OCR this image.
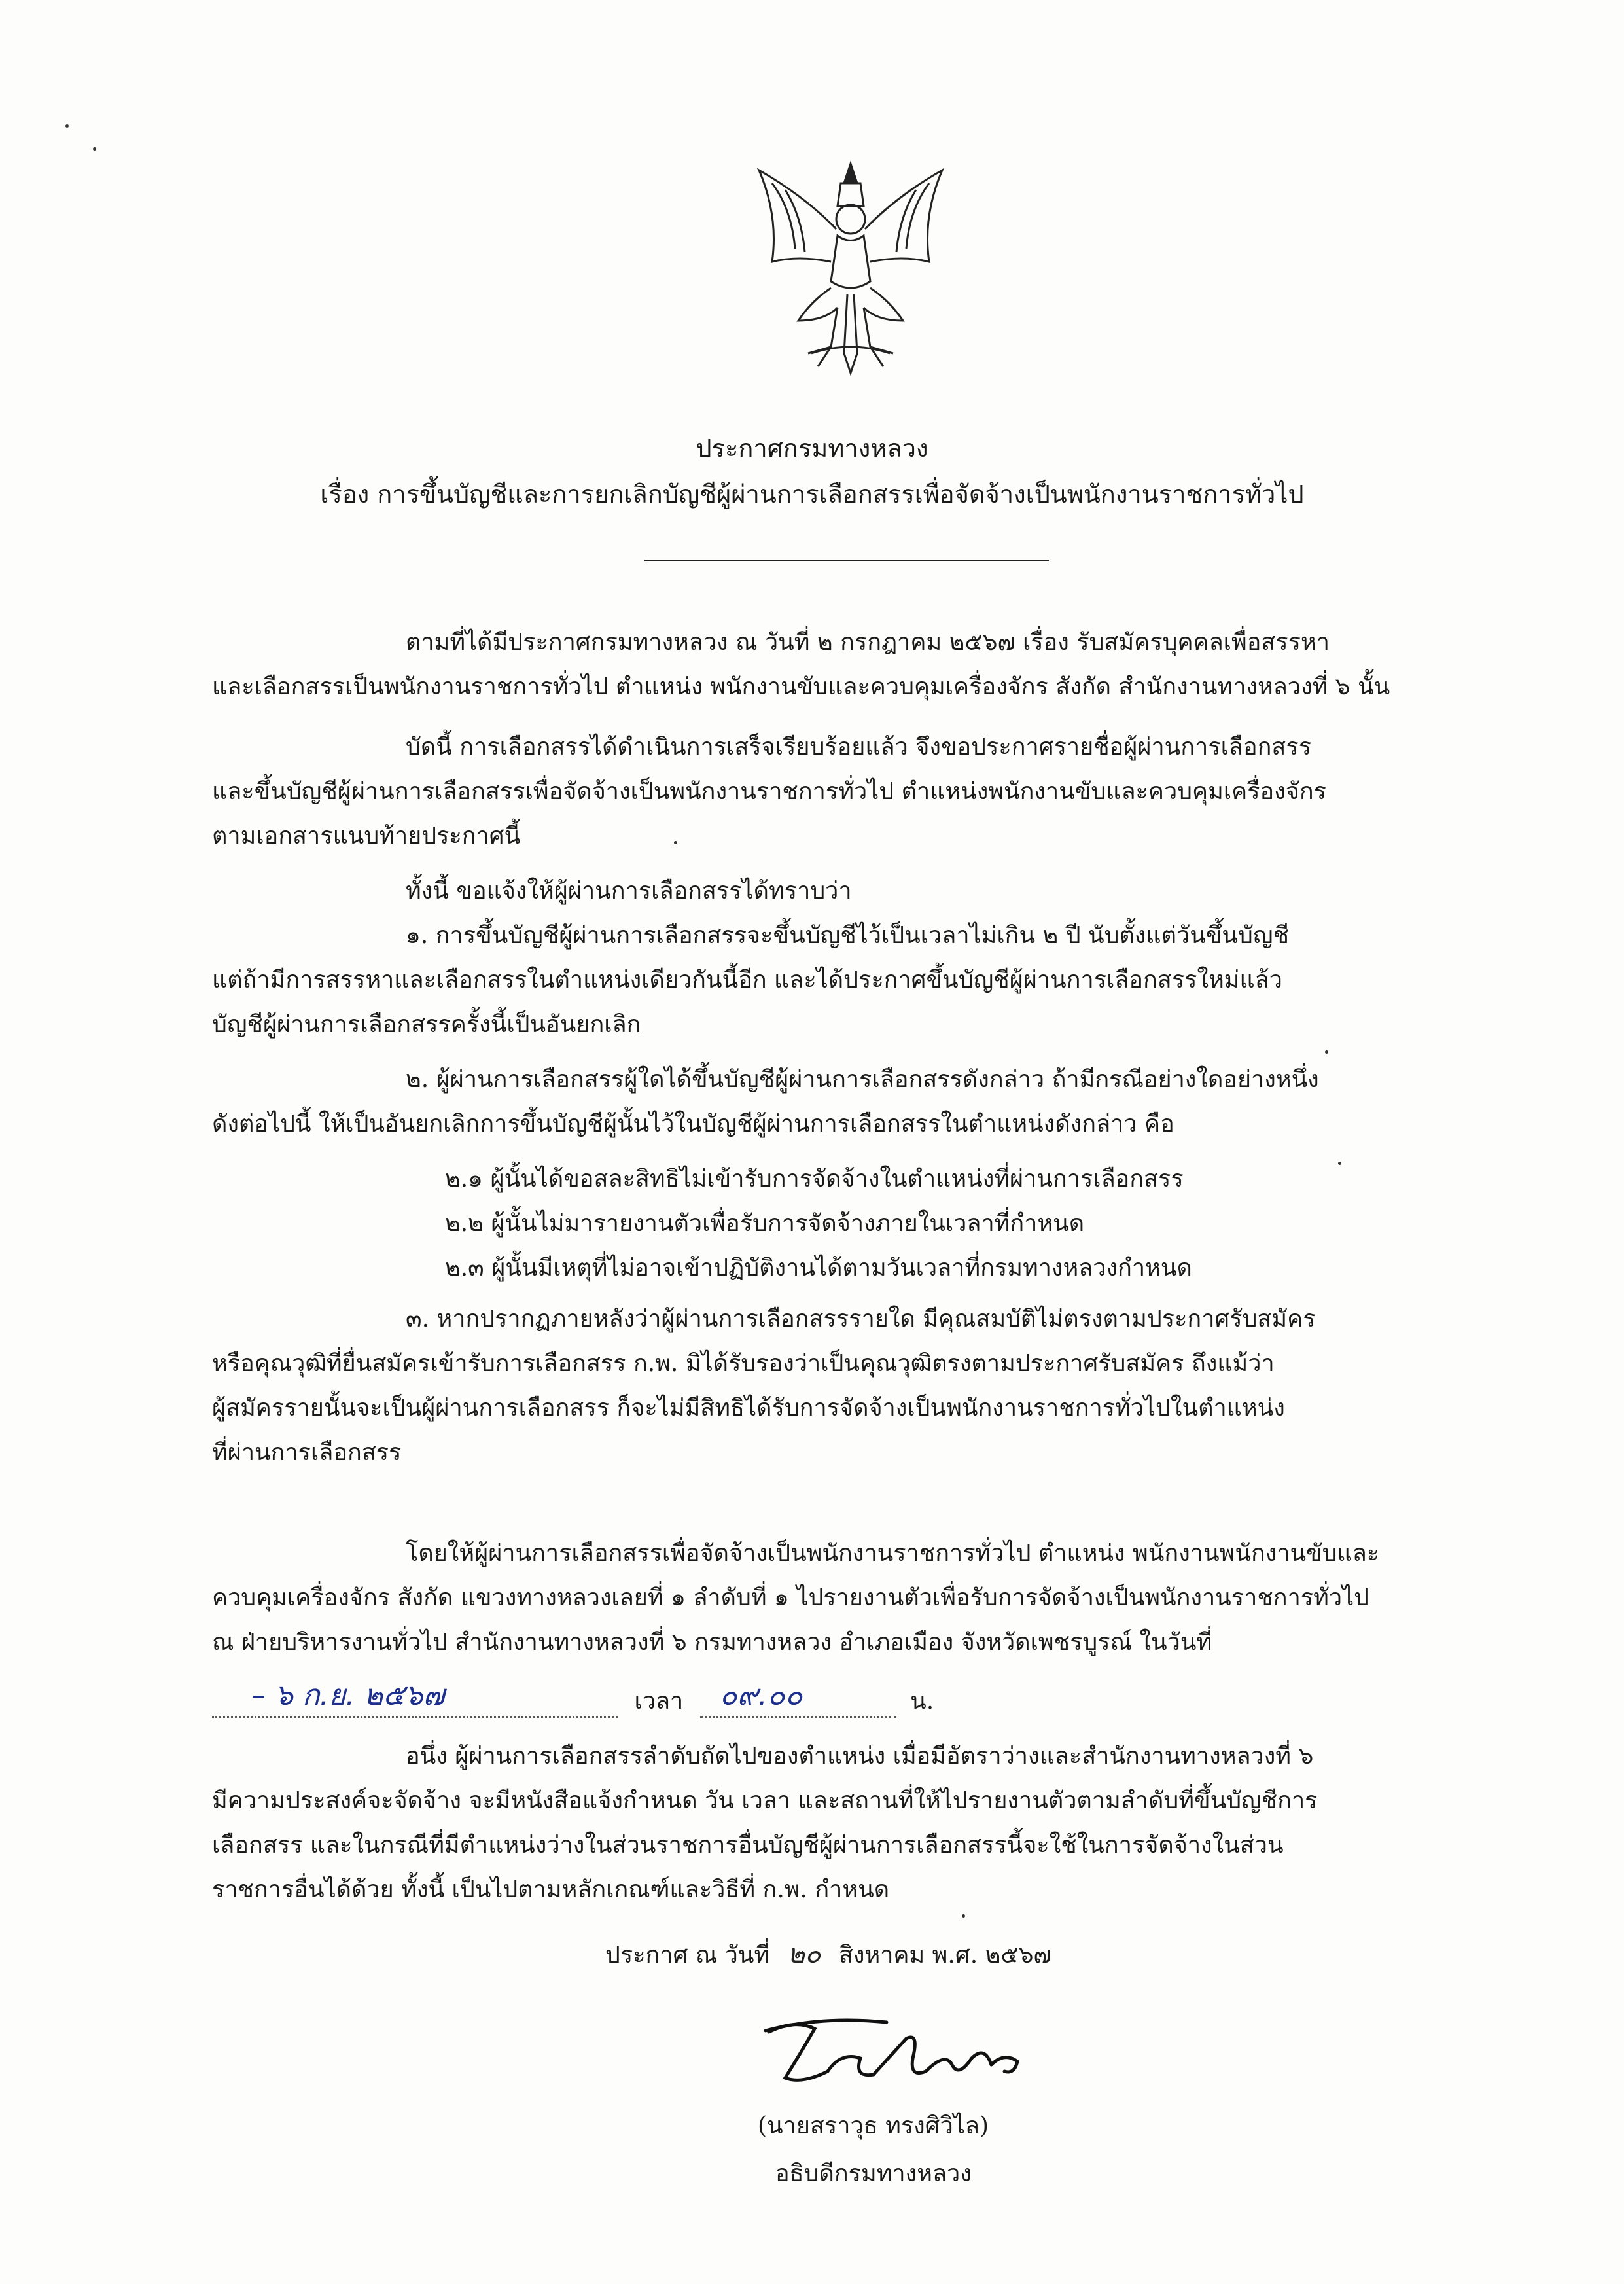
ประกาศกรมทางหลวง
เรื่อง การขึ้นบัญชีและการยกเลิกบัญชีผู้ผ่านการเลือกสรรเพื่อจัดจ้างเป็นพนักงานราชการทั่วไป
ตามที่ได้มีประกาศกรมทางหลวง ณ วันที่ ๒ กรกฎาคม ๒๕๖๗ เรื่อง รับสมัครบุคคลเพื่อสรรหา
และเลือกสรรเป็นพนักงานราชการทั่วไป ตำแหน่ง พนักงานขับและควบคุมเครื่องจักร สังกัด สำนักงานทางหลวงที่ ๖ นั้น
บัดนี้ การเลือกสรรได้ดำเนินการเสร็จเรียบร้อยแล้ว จึงขอประกาศรายชื่อผู้ผ่านการเลือกสรร
และขึ้นบัญชีผู้ผ่านการเลือกสรรเพื่อจัดจ้างเป็นพนักงานราชการทั่วไป ตำแหน่งพนักงานขับและควบคุมเครื่องจักร
ตามเอกสารแนบท้ายประกาศนี้
ทั้งนี้ ขอแจ้งให้ผู้ผ่านการเลือกสรรได้ทราบว่า
๑. การขึ้นบัญชีผู้ผ่านการเลือกสรรจะขึ้นบัญชีไว้เป็นเวลาไม่เกิน ๒ ปี นับตั้งแต่วันขึ้นบัญชี
แต่ถ้ามีการสรรหาและเลือกสรรในตำแหน่งเดียวกันนี้อีก และได้ประกาศขึ้นบัญชีผู้ผ่านการเลือกสรรใหม่แล้ว
บัญชีผู้ผ่านการเลือกสรรครั้งนี้เป็นอันยกเลิก
๒. ผู้ผ่านการเลือกสรรผู้ใดได้ขึ้นบัญชีผู้ผ่านการเลือกสรรดังกล่าว ถ้ามีกรณีอย่างใดอย่างหนึ่ง
ดังต่อไปนี้ ให้เป็นอันยกเลิกการขึ้นบัญชีผู้นั้นไว้ในบัญชีผู้ผ่านการเลือกสรรในตำแหน่งดังกล่าว คือ
๒.๑ ผู้นั้นได้ขอสละสิทธิไม่เข้ารับการจัดจ้างในตำแหน่งที่ผ่านการเลือกสรร
๒.๒ ผู้นั้นไม่มารายงานตัวเพื่อรับการจัดจ้างภายในเวลาที่กำหนด
๒.๓ ผู้นั้นมีเหตุที่ไม่อาจเข้าปฏิบัติงานได้ตามวันเวลาที่กรมทางหลวงกำหนด
๓. หากปรากฏภายหลังว่าผู้ผ่านการเลือกสรรรายใด มีคุณสมบัติไม่ตรงตามประกาศรับสมัคร
หรือคุณวุฒิที่ยื่นสมัครเข้ารับการเลือกสรร ก.พ. มิได้รับรองว่าเป็นคุณวุฒิตรงตามประกาศรับสมัคร ถึงแม้ว่า
ผู้สมัครรายนั้นจะเป็นผู้ผ่านการเลือกสรร ก็จะไม่มีสิทธิได้รับการจัดจ้างเป็นพนักงานราชการทั่วไปในตำแหน่ง
ที่ผ่านการเลือกสรร
โดยให้ผู้ผ่านการเลือกสรรเพื่อจัดจ้างเป็นพนักงานราชการทั่วไป ตำแหน่ง พนักงานพนักงานขับและ
ควบคุมเครื่องจักร สังกัด แขวงทางหลวงเลยที่ ๑ ลำดับที่ ๑ ไปรายงานตัวเพื่อรับการจัดจ้างเป็นพนักงานราชการทั่วไป
ณ ฝ่ายบริหารงานทั่วไป สำนักงานทางหลวงที่ ๖ กรมทางหลวง อำเภอเมือง จังหวัดเพชรบูรณ์ ในวันที่
– ๖ ก.ย. ๒๕๖๗	เวลา ๐๙.๐๐	น.
อนึ่ง ผู้ผ่านการเลือกสรรลำดับถัดไปของตำแหน่ง เมื่อมีอัตราว่างและสำนักงานทางหลวงที่ ๖
มีความประสงค์จะจัดจ้าง จะมีหนังสือแจ้งกำหนด วัน เวลา และสถานที่ให้ไปรายงานตัวตามลำดับที่ขึ้นบัญชีการ
เลือกสรร และในกรณีที่มีตำแหน่งว่างในส่วนราชการอื่นบัญชีผู้ผ่านการเลือกสรรนี้จะใช้ในการจัดจ้างในส่วน
ราชการอื่นได้ด้วย ทั้งนี้ เป็นไปตามหลักเกณฑ์และวิธีที่ ก.พ. กำหนด
ประกาศ ณ วันที่ ๒๐ สิงหาคม พ.ศ. ๒๕๖๗
(นายสราวุธ ทรงศิวิไล)
อธิบดีกรมทางหลวง
